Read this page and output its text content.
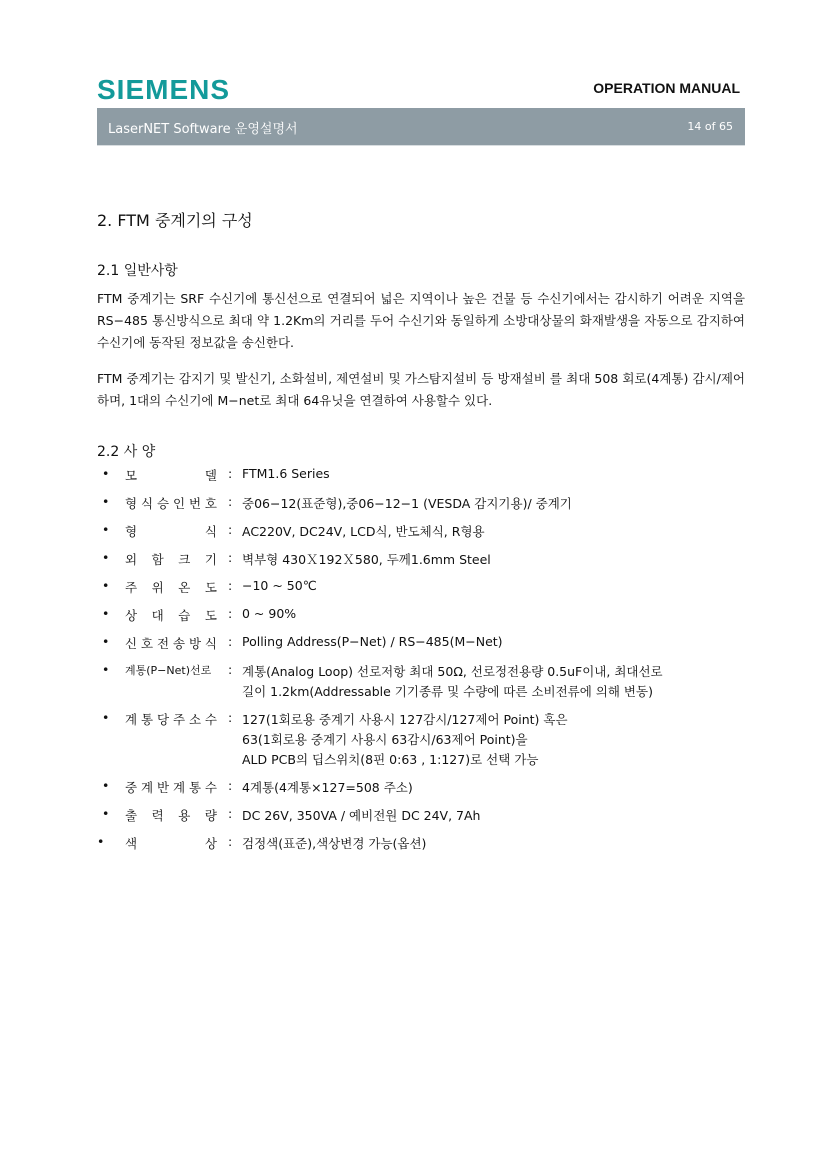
SIEMENS	OPERATION MANUAL
LaserNET Software 운영설명서	14 of 65
2. FTM 중계기의 구성
2.1 일반사항
FTM 중계기는 SRF 수신기에 통신선으로 연결되어 넓은 지역이나 높은 건물 등 수신기에서는 감시하기 어려운 지역을 RS−485 통신방식으로 최대 약 1.2Km의 거리를 두어 수신기와 동일하게 소방대상물의 화재발생을 자동으로 감지하여 수신기에 동작된 정보값을 송신한다.
FTM 중계기는 감지기 및 발신기, 소화설비, 제연설비 및 가스탐지설비 등 방재설비 를 최대 508 회로(4계통) 감시/제어하며, 1대의 수신기에 M−net로 최대 64유닛을 연결하여 사용할수 있다.
2.2 사 양
• 모	델 : FTM1.6 Series
• 형 식 승 인 번 호 : 중06−12(표준형),중06−12−1 (VESDA 감지기용)/ 중계기
• 형	식 : AC220V, DC24V, LCD식, 반도체식, R형용
• 외 함 크 기 : 벽부형 430Ｘ192Ｘ580, 두께1.6mm Steel
• 주 위 온 도 : −10 ~ 50℃
• 상 대 습 도 : 0 ~ 90%
• 신 호 전 송 방 식 : Polling Address(P−Net) / RS−485(M−Net)
• 계통(P−Net)선로 : 계통(Analog Loop) 선로저항 최대 50Ω, 선로정전용량 0.5uF이내, 최대선로
길이 1.2km(Addressable 기기종류 및 수량에 따른 소비전류에 의해 변동)
• 계 통 당 주 소 수 : 127(1회로용 중계기 사용시 127감시/127제어 Point) 혹은
63(1회로용 중계기 사용시 63감시/63제어 Point)을
ALD PCB의 딥스위치(8핀 0:63 , 1:127)로 선택 가능
• 중 계 반 계 통 수 : 4계통(4계통×127=508 주소)
• 출 력 용 량 : DC 26V, 350VA / 예비전원 DC 24V, 7Ah
• 색	상 : 검정색(표준),색상변경 가능(옵션)
